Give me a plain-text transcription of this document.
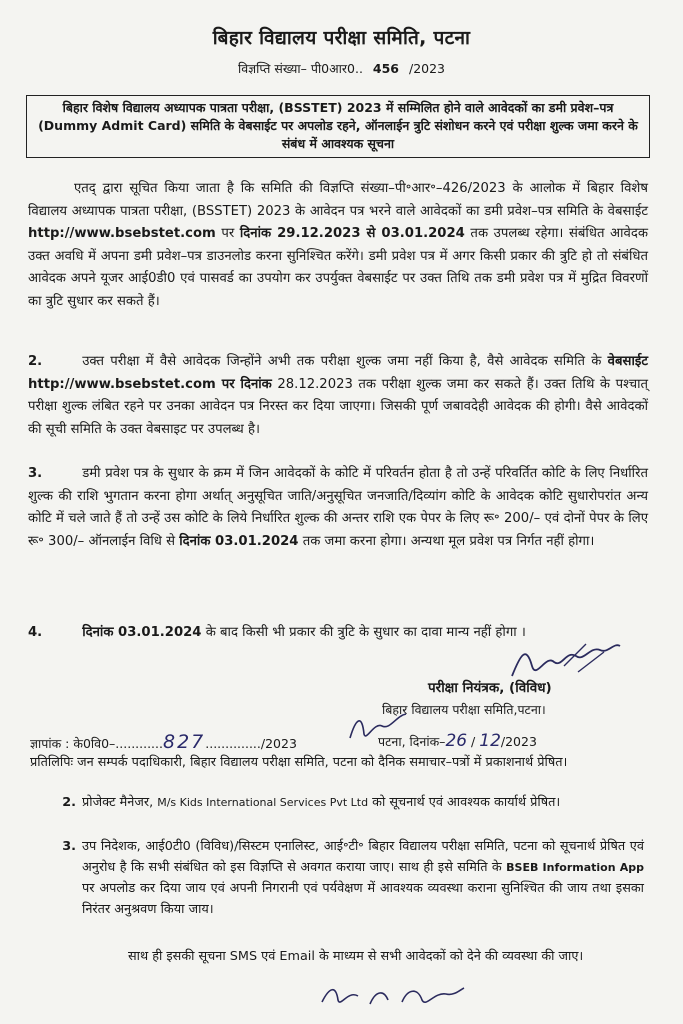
बिहार विद्यालय परीक्षा समिति, पटना
विज्ञप्ति संख्या– पी0आर0.. 456 /2023
बिहार विशेष विद्यालय अध्यापक पात्रता परीक्षा, (BSSTET) 2023 में सम्मिलित होने वाले आवेदकों का डमी प्रवेश–पत्र (Dummy Admit Card) समिति के वेबसाईट पर अपलोड रहने, ऑनलाईन त्रुटि संशोधन करने एवं परीक्षा शुल्क जमा करने के संबंध में आवश्यक सूचना
एतद् द्वारा सूचित किया जाता है कि समिति की विज्ञप्ति संख्या–पी॰आर॰–426/2023 के आलोक में बिहार विशेष विद्यालय अध्यापक पात्रता परीक्षा, (BSSTET) 2023 के आवेदन पत्र भरने वाले आवेदकों का डमी प्रवेश–पत्र समिति के वेबसाईट http://www.bsebstet.com पर दिनांक 29.12.2023 से 03.01.2024 तक उपलब्ध रहेगा। संबंधित आवेदक उक्त अवधि में अपना डमी प्रवेश–पत्र डाउनलोड करना सुनिश्चित करेंगे। डमी प्रवेश पत्र में अगर किसी प्रकार की त्रुटि हो तो संबंधित आवेदक अपने यूजर आई0डी0 एवं पासवर्ड का उपयोग कर उपर्युक्त वेबसाईट पर उक्त तिथि तक डमी प्रवेश पत्र में मुद्रित विवरणों का त्रुटि सुधार कर सकते हैं।
2.	उक्त परीक्षा में वैसे आवेदक जिन्होंने अभी तक परीक्षा शुल्क जमा नहीं किया है, वैसे आवेदक समिति के वेबसाईट http://www.bsebstet.com पर दिनांक 28.12.2023 तक परीक्षा शुल्क जमा कर सकते हैं। उक्त तिथि के पश्चात् परीक्षा शुल्क लंबित रहने पर उनका आवेदन पत्र निरस्त कर दिया जाएगा। जिसकी पूर्ण जबावदेही आवेदक की होगी। वैसे आवेदकों की सूची समिति के उक्त वेबसाइट पर उपलब्ध है।
3.	डमी प्रवेश पत्र के सुधार के क्रम में जिन आवेदकों के कोटि में परिवर्तन होता है तो उन्हें परिवर्तित कोटि के लिए निर्धारित शुल्क की राशि भुगतान करना होगा अर्थात् अनुसूचित जाति/अनुसूचित जनजाति/दिव्यांग कोटि के आवेदक कोटि सुधारोपरांत अन्य कोटि में चले जाते हैं तो उन्हें उस कोटि के लिये निर्धारित शुल्क की अन्तर राशि एक पेपर के लिए रू॰ 200/– एवं दोनों पेपर के लिए रू॰ 300/– ऑनलाईन विधि से दिनांक 03.01.2024 तक जमा करना होगा। अन्यथा मूल प्रवेश पत्र निर्गत नहीं होगा।
4.	दिनांक 03.01.2024 के बाद किसी भी प्रकार की त्रुटि के सुधार का दावा मान्य नहीं होगा ।
परीक्षा नियंत्रक, (विविध)
बिहार विद्यालय परीक्षा समिति,पटना।
ज्ञापांक : के0वि0–............827............../2023	पटना, दिनांक–26 / 12/2023
प्रतिलिपिः जन सम्पर्क पदाधिकारी, बिहार विद्यालय परीक्षा समिति, पटना को दैनिक समाचार–पत्रों में प्रकाशनार्थ प्रेषित।
2. प्रोजेक्ट मैनेजर, M/s Kids International Services Pvt Ltd को सूचनार्थ एवं आवश्यक कार्यार्थ प्रेषित।
3. उप निदेशक, आई0टी0 (विविध)/सिस्टम एनालिस्ट, आई॰टी॰ बिहार विद्यालय परीक्षा समिति, पटना को सूचनार्थ प्रेषित एवं अनुरोध है कि सभी संबंधित को इस विज्ञप्ति से अवगत कराया जाए। साथ ही इसे समिति के BSEB Information App पर अपलोड कर दिया जाय एवं अपनी निगरानी एवं पर्यवेक्षण में आवश्यक व्यवस्था कराना सुनिश्चित की जाय तथा इसका निरंतर अनुश्रवण किया जाय।
साथ ही इसकी सूचना SMS एवं Email के माध्यम से सभी आवेदकों को देने की व्यवस्था की जाए।
